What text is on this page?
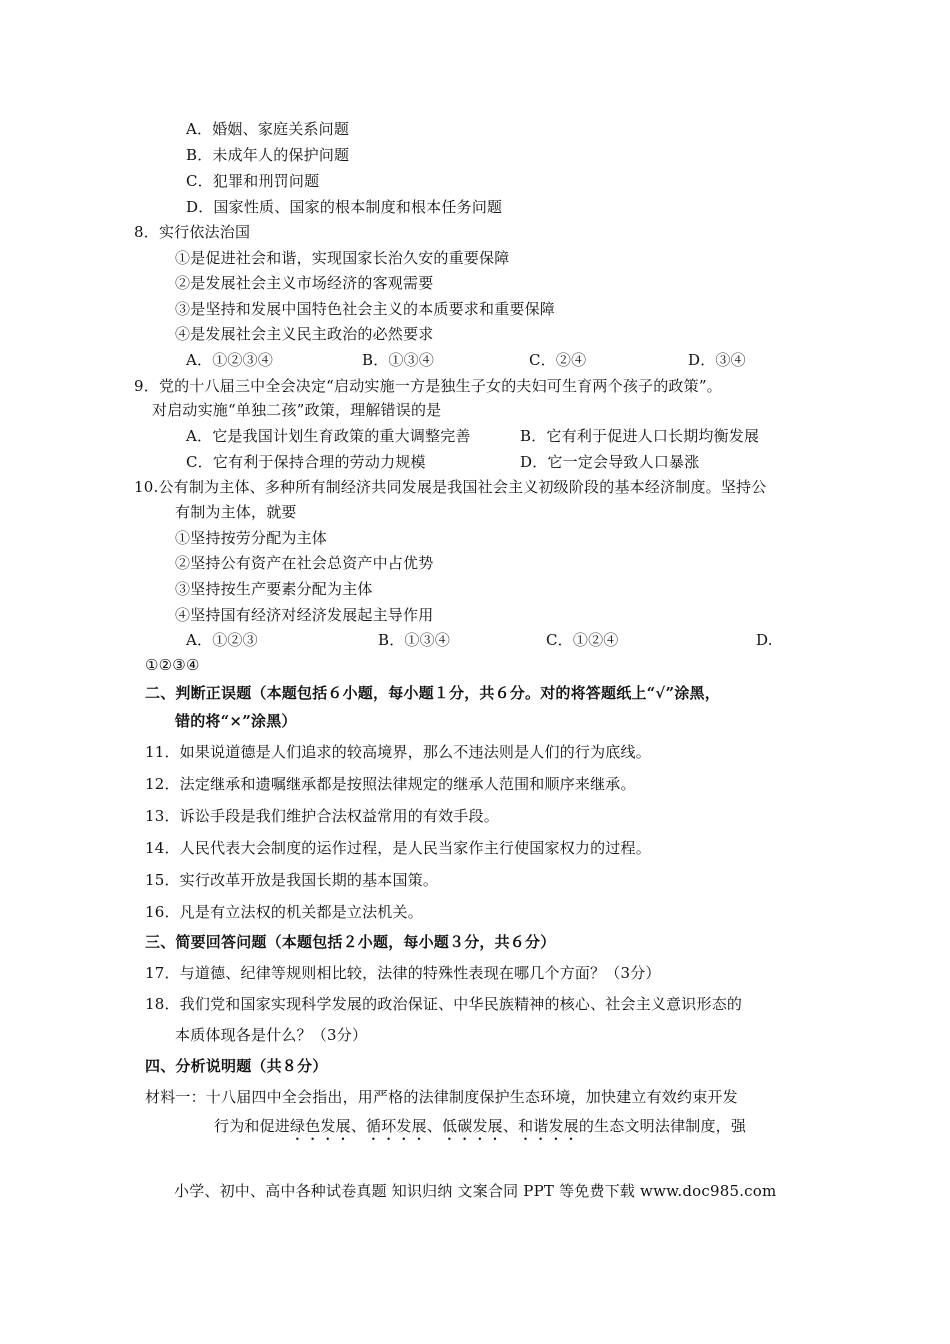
A．婚姻、家庭关系问题
B．未成年人的保护问题
C．犯罪和刑罚问题
D．国家性质、国家的根本制度和根本任务问题
8．实行依法治国
①是促进社会和谐，实现国家长治久安的重要保障
②是发展社会主义市场经济的客观需要
③是坚持和发展中国特色社会主义的本质要求和重要保障
④是发展社会主义民主政治的必然要求
A．①②③④	B．①③④	C．②④	D．③④
9．党的十八届三中全会决定“启动实施一方是独生子女的夫妇可生育两个孩子的政策”。
对启动实施“单独二孩”政策，理解错误的是
A．它是我国计划生育政策的重大调整完善	B．它有利于促进人口长期均衡发展
C．它有利于保持合理的劳动力规模	D．它一定会导致人口暴涨
10.公有制为主体、多种所有制经济共同发展是我国社会主义初级阶段的基本经济制度。坚持公
有制为主体，就要
①坚持按劳分配为主体
②坚持公有资产在社会总资产中占优势
③坚持按生产要素分配为主体
④坚持国有经济对经济发展起主导作用
A．①②③	B．①③④	C．①②④	D.
①②③④
二、判断正误题（本题包括６小题，每小题１分，共６分。对的将答题纸上“√”涂黑，
错的将“×”涂黑）
11．如果说道德是人们追求的较高境界，那么不违法则是人们的行为底线。
12．法定继承和遗嘱继承都是按照法律规定的继承人范围和顺序来继承。
13．诉讼手段是我们维护合法权益常用的有效手段。
14．人民代表大会制度的运作过程，是人民当家作主行使国家权力的过程。
15．实行改革开放是我国长期的基本国策。
16．凡是有立法权的机关都是立法机关。
三、简要回答问题（本题包括２小题，每小题３分，共６分）
17．与道德、纪律等规则相比较，法律的特殊性表现在哪几个方面？（3分）
18．我们党和国家实现科学发展的政治保证、中华民族精神的核心、社会主义意识形态的
本质体现各是什么？（3分）
四、分析说明题（共８分）
材料一：十八届四中全会指出，用严格的法律制度保护生态环境，加快建立有效约束开发
行为和促进绿色发展、循环发展、低碳发展、和谐发展的生态文明法律制度，强
小学、初中、高中各种试卷真题 知识归纳 文案合同 PPT 等免费下载 www.doc985.com
